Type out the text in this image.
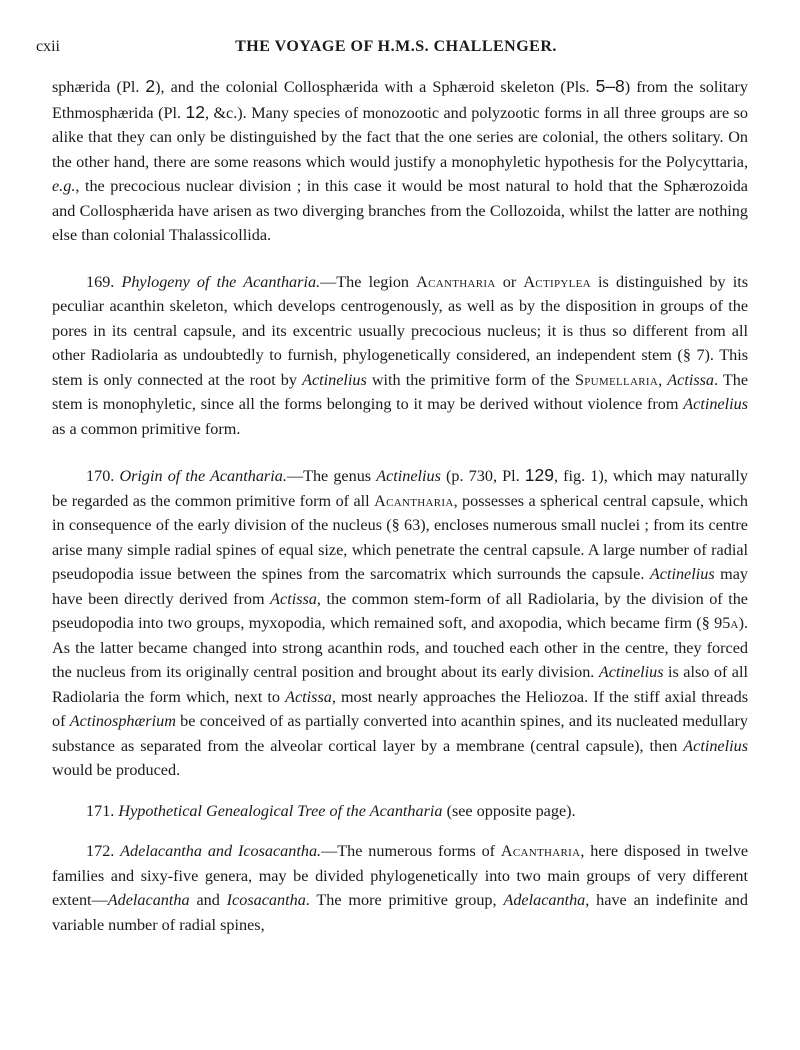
cxii	THE VOYAGE OF H.M.S. CHALLENGER.

sphærida (Pl. 2), and the colonial Collosphærida with a Sphæroid skeleton (Pls. 5–8) from the solitary Ethmosphærida (Pl. 12, &c.). Many species of monozootic and polyzootic forms in all three groups are so alike that they can only be distinguished by the fact that the one series are colonial, the others solitary. On the other hand, there are some reasons which would justify a monophyletic hypothesis for the Polycyttaria, e.g., the precocious nuclear division ; in this case it would be most natural to hold that the Sphærozoida and Collosphærida have arisen as two diverging branches from the Collozoida, whilst the latter are nothing else than colonial Thalassicollida.

169. Phylogeny of the Acantharia.—The legion Acantharia or Actipylea is distinguished by its peculiar acanthin skeleton, which develops centrogenously, as well as by the disposition in groups of the pores in its central capsule, and its excentric usually precocious nucleus; it is thus so different from all other Radiolaria as undoubtedly to furnish, phylogenetically considered, an independent stem (§ 7). This stem is only connected at the root by Actinelius with the primitive form of the Spumellaria, Actissa. The stem is monophyletic, since all the forms belonging to it may be derived without violence from Actinelius as a common primitive form.

170. Origin of the Acantharia.—The genus Actinelius (p. 730, Pl. 129, fig. 1), which may naturally be regarded as the common primitive form of all Acantharia, possesses a spherical central capsule, which in consequence of the early division of the nucleus (§ 63), encloses numerous small nuclei ; from its centre arise many simple radial spines of equal size, which penetrate the central capsule. A large number of radial pseudopodia issue between the spines from the sarcomatrix which surrounds the capsule. Actinelius may have been directly derived from Actissa, the common stem-form of all Radiolaria, by the division of the pseudopodia into two groups, myxopodia, which remained soft, and axopodia, which became firm (§ 95a). As the latter became changed into strong acanthin rods, and touched each other in the centre, they forced the nucleus from its originally central position and brought about its early division. Actinelius is also of all Radiolaria the form which, next to Actissa, most nearly approaches the Heliozoa. If the stiff axial threads of Actinosphærium be conceived of as partially converted into acanthin spines, and its nucleated medullary substance as separated from the alveolar cortical layer by a membrane (central capsule), then Actinelius would be produced.

171. Hypothetical Genealogical Tree of the Acantharia (see opposite page).

172. Adelacantha and Icosacantha.—The numerous forms of Acantharia, here disposed in twelve families and sixy-five genera, may be divided phylogenetically into two main groups of very different extent—Adelacantha and Icosacantha. The more primitive group, Adelacantha, have an indefinite and variable number of radial spines,
